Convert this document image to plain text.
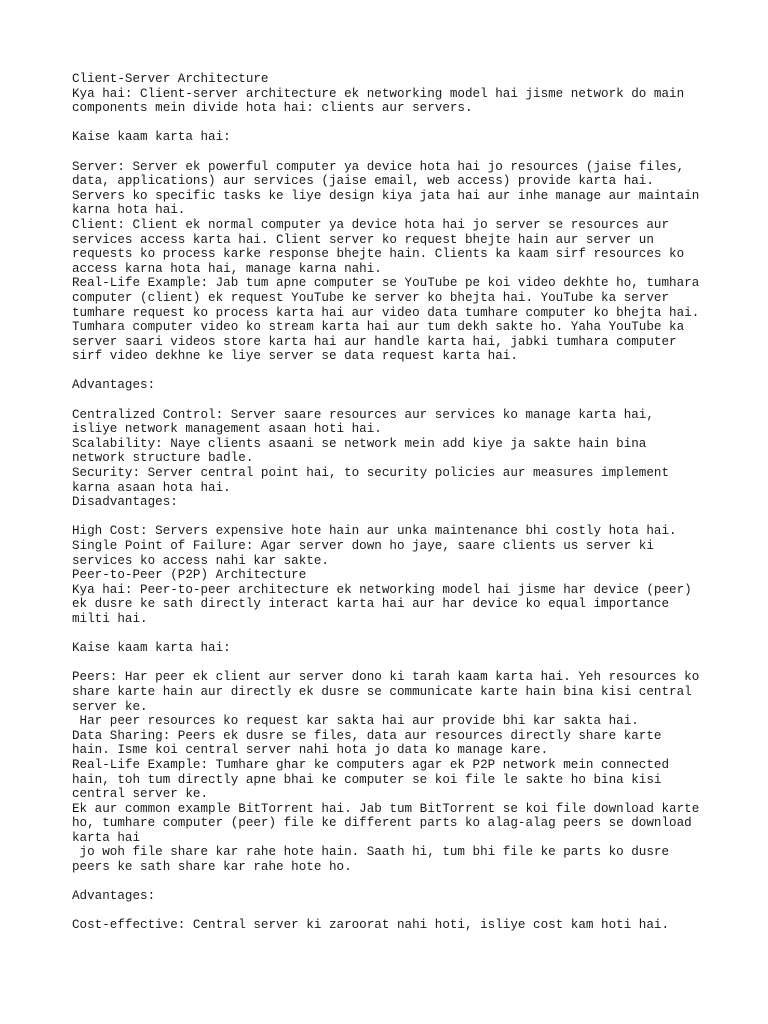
Client-Server Architecture
Kya hai: Client-server architecture ek networking model hai jisme network do main
components mein divide hota hai: clients aur servers.
Kaise kaam karta hai:
Server: Server ek powerful computer ya device hota hai jo resources (jaise files,
data, applications) aur services (jaise email, web access) provide karta hai.
Servers ko specific tasks ke liye design kiya jata hai aur inhe manage aur maintain
karna hota hai.
Client: Client ek normal computer ya device hota hai jo server se resources aur
services access karta hai. Client server ko request bhejte hain aur server un
requests ko process karke response bhejte hain. Clients ka kaam sirf resources ko
access karna hota hai, manage karna nahi.
Real-Life Example: Jab tum apne computer se YouTube pe koi video dekhte ho, tumhara
computer (client) ek request YouTube ke server ko bhejta hai. YouTube ka server
tumhare request ko process karta hai aur video data tumhare computer ko bhejta hai.
Tumhara computer video ko stream karta hai aur tum dekh sakte ho. Yaha YouTube ka
server saari videos store karta hai aur handle karta hai, jabki tumhara computer
sirf video dekhne ke liye server se data request karta hai.
Advantages:
Centralized Control: Server saare resources aur services ko manage karta hai,
isliye network management asaan hoti hai.
Scalability: Naye clients asaani se network mein add kiye ja sakte hain bina
network structure badle.
Security: Server central point hai, to security policies aur measures implement
karna asaan hota hai.
Disadvantages:
High Cost: Servers expensive hote hain aur unka maintenance bhi costly hota hai.
Single Point of Failure: Agar server down ho jaye, saare clients us server ki
services ko access nahi kar sakte.
Peer-to-Peer (P2P) Architecture
Kya hai: Peer-to-peer architecture ek networking model hai jisme har device (peer)
ek dusre ke sath directly interact karta hai aur har device ko equal importance
milti hai.
Kaise kaam karta hai:
Peers: Har peer ek client aur server dono ki tarah kaam karta hai. Yeh resources ko
share karte hain aur directly ek dusre se communicate karte hain bina kisi central
server ke.
Har peer resources ko request kar sakta hai aur provide bhi kar sakta hai.
Data Sharing: Peers ek dusre se files, data aur resources directly share karte
hain. Isme koi central server nahi hota jo data ko manage kare.
Real-Life Example: Tumhare ghar ke computers agar ek P2P network mein connected
hain, toh tum directly apne bhai ke computer se koi file le sakte ho bina kisi
central server ke.
Ek aur common example BitTorrent hai. Jab tum BitTorrent se koi file download karte
ho, tumhare computer (peer) file ke different parts ko alag-alag peers se download
karta hai
jo woh file share kar rahe hote hain. Saath hi, tum bhi file ke parts ko dusre
peers ke sath share kar rahe hote ho.
Advantages:
Cost-effective: Central server ki zaroorat nahi hoti, isliye cost kam hoti hai.
